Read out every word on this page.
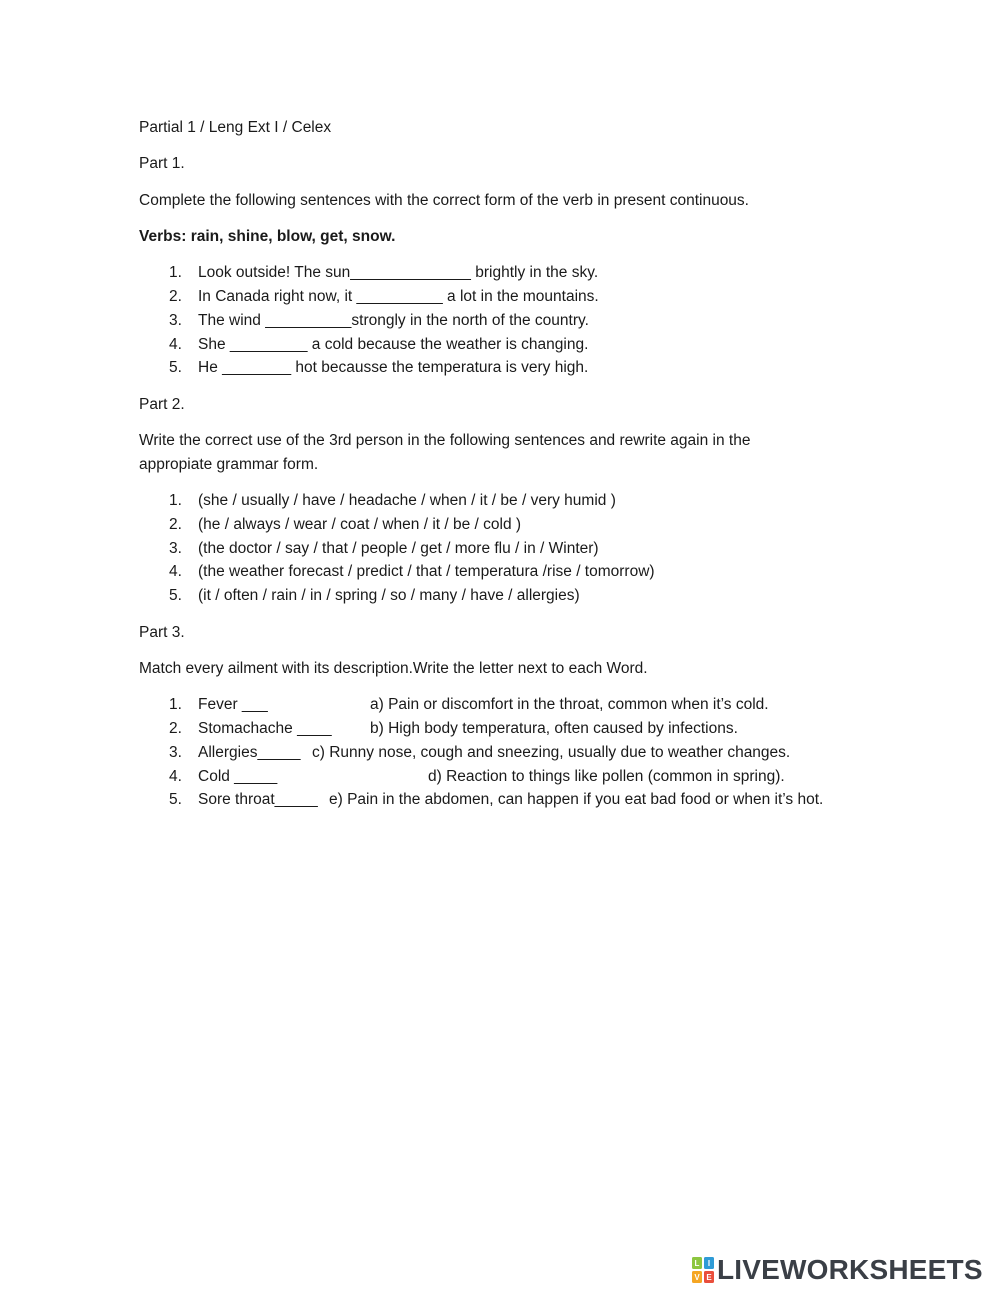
Partial 1 / Leng Ext I / Celex

Part 1.

Complete the following sentences with the correct form of the verb in present continuous.

Verbs: rain, shine, blow, get, snow.

1. Look outside! The sun______________ brightly in the sky.
2. In Canada right now, it __________ a lot in the mountains.
3. The wind __________strongly in the north of the country.
4. She _________ a cold because the weather is changing.
5. He ________ hot becausse the temperatura is very high.

Part 2.

Write the correct use of the 3rd person in the following sentences and rewrite again in the
appropiate grammar form.

1. (she / usually / have / headache / when / it / be / very humid )
2. (he / always / wear / coat / when / it / be / cold )
3. (the doctor / say / that / people / get / more flu / in / Winter)
4. (the weather forecast / predict / that / temperatura /rise / tomorrow)
5. (it / often / rain / in / spring / so / many / have / allergies)

Part 3.

Match every ailment with its description.Write the letter next to each Word.

1. Fever ___	a) Pain or discomfort in the throat, common when it’s cold.
2. Stomachache ____ b) High body temperatura, often caused by infections.
3. Allergies_____ c) Runny nose, cough and sneezing, usually due to weather changes.
4. Cold _____	d) Reaction to things like pollen (common in spring).
5. Sore throat_____ e) Pain in the abdomen, can happen if you eat bad food or when it’s hot.
L I
V E LIVEWORKSHEETS
